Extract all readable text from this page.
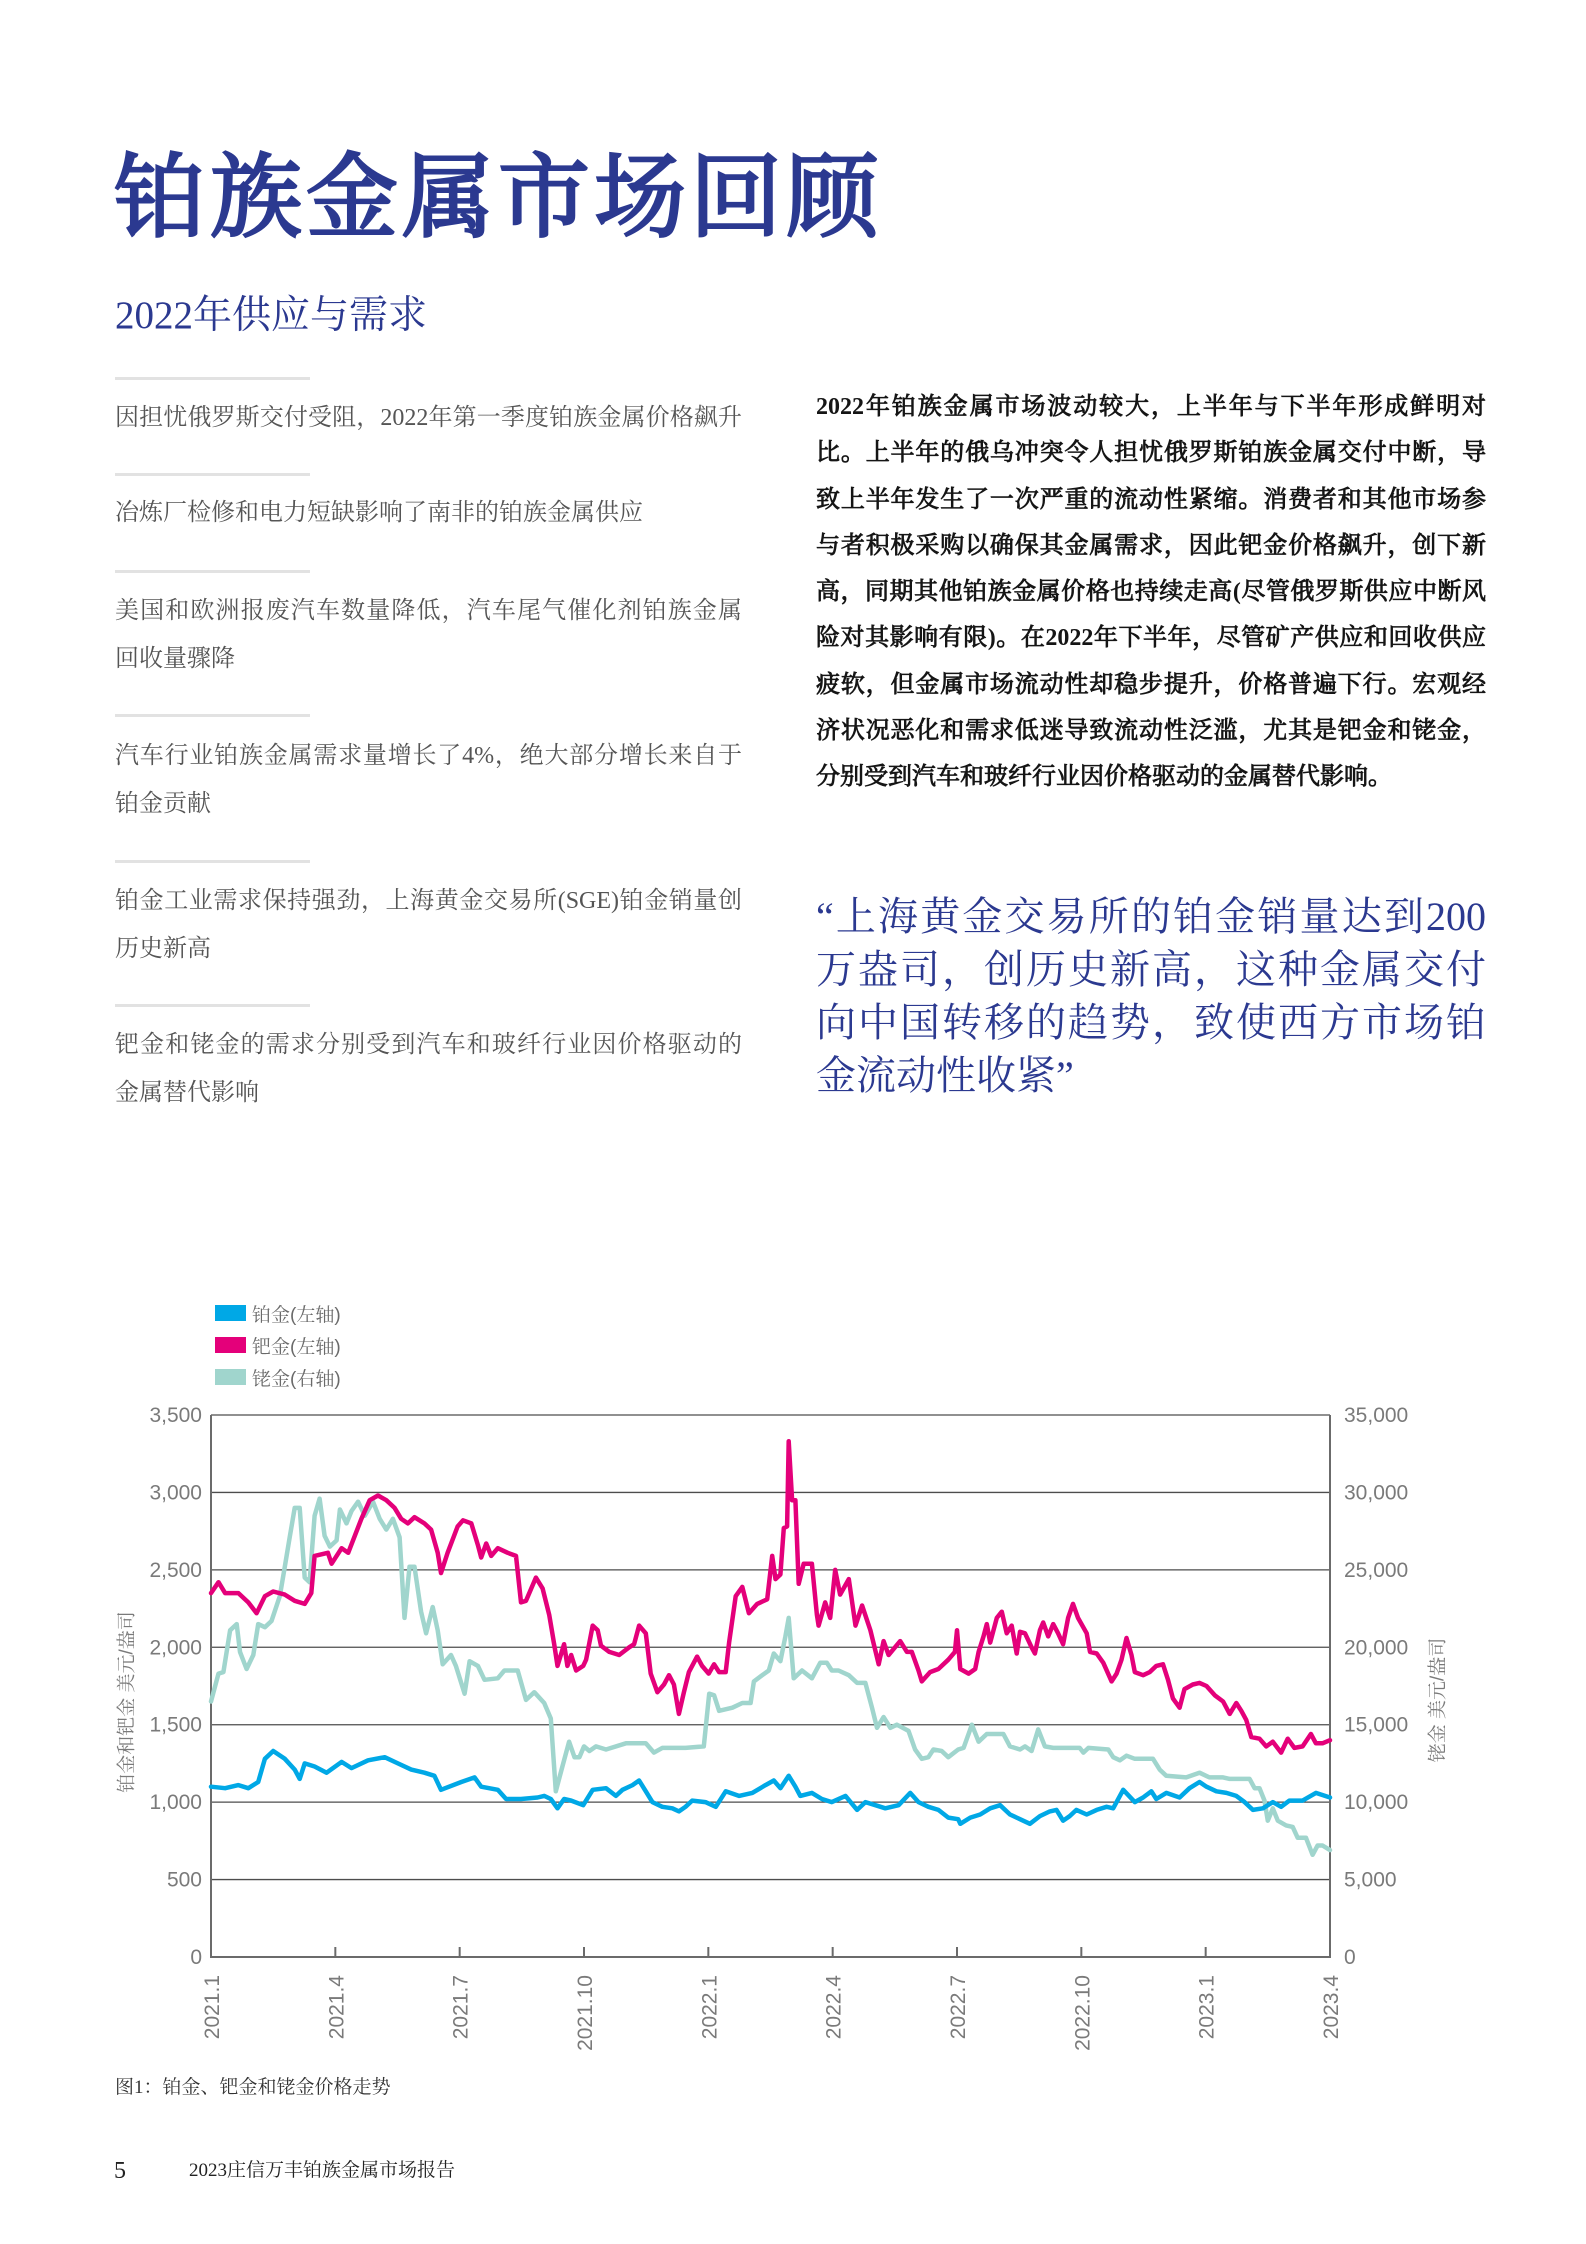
铂族金属市场回顾
2022年供应与需求
因担忧俄罗斯交付受阻，2022年第一季度铂族金属价格飙升
冶炼厂检修和电力短缺影响了南非的铂族金属供应
美国和欧洲报废汽车数量降低，汽车尾气催化剂铂族金属
回收量骤降
汽车行业铂族金属需求量增长了4%，绝大部分增长来自于
铂金贡献
铂金工业需求保持强劲，上海黄金交易所(SGE)铂金销量创
历史新高
钯金和铑金的需求分别受到汽车和玻纤行业因价格驱动的
金属替代影响
2022年铂族金属市场波动较大，上半年与下半年形成鲜明对
比。上半年的俄乌冲突令人担忧俄罗斯铂族金属交付中断，导
致上半年发生了一次严重的流动性紧缩。消费者和其他市场参
与者积极采购以确保其金属需求，因此钯金价格飙升，创下新
高，同期其他铂族金属价格也持续走高(尽管俄罗斯供应中断风
险对其影响有限)。在2022年下半年，尽管矿产供应和回收供应
疲软，但金属市场流动性却稳步提升，价格普遍下行。宏观经
济状况恶化和需求低迷导致流动性泛滥，尤其是钯金和铑金，
分别受到汽车和玻纤行业因价格驱动的金属替代影响。
“上海黄金交易所的铂金销量达到200
万盎司，创历史新高，这种金属交付
向中国转移的趋势，致使西方市场铂
金流动性收紧”
铂金(左轴)
钯金(左轴)
铑金(右轴)
0
500
1,000
1,500
2,000
2,500
3,000
3,500
0
5,000
10,000
15,000
20,000
25,000
30,000
35,000
2021.1	2021.4	2021.7	2021.10	2022.1	2022.4	2022.7	2022.10	2023.1	2023.4
铂金和钯金 美元/盎司	铑金 美元/盎司
图1：铂金、钯金和铑金价格走势
5	2023庄信万丰铂族金属市场报告
